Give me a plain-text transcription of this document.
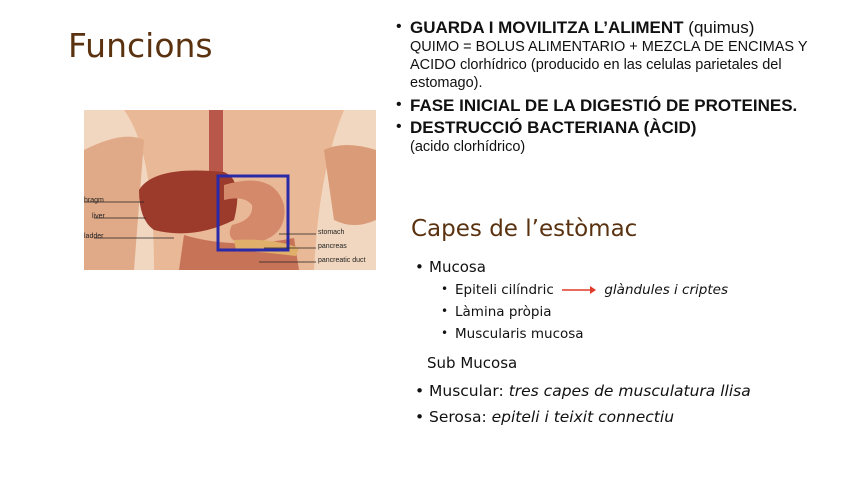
Funcions
hragm
liver
ladder
stomach
pancreas
pancreatic duct
• GUARDA I MOVILITZA L’ALIMENT (quimus)
QUIMO = BOLUS ALIMENTARIO + MEZCLA DE ENCIMAS Y ACIDO clorhídrico (producido en las celulas parietales del estomago).
• FASE INICIAL DE LA DIGESTIÓ DE PROTEINES.
• DESTRUCCIÓ BACTERIANA (ÀCID)
(acido clorhídrico)
Capes de l’estòmac
• Mucosa
• Epiteli cilíndric	glàndules i criptes
• Làmina pròpia
• Muscularis mucosa
Sub Mucosa
• Muscular: tres capes de musculatura llisa
• Serosa: epiteli i teixit connectiu
